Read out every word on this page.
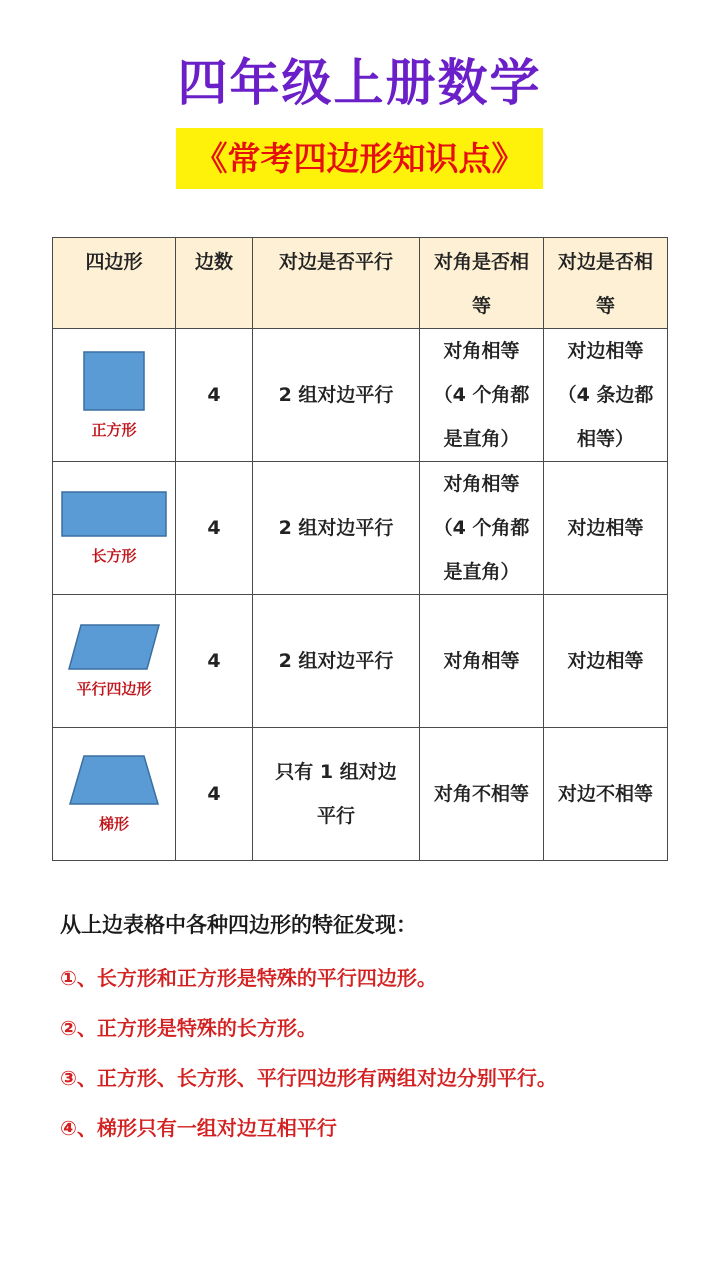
四年级上册数学
《常考四边形知识点》
四边形	边数	对边是否平行	对角是否相等	对边是否相等

正方形	4	2 组对边平行	对角相等（4 个角都是直角）	对边相等（4 条边都相等）

长方形	4	2 组对边平行	对角相等（4 个角都是直角）	对边相等

平行四边形	4	2 组对边平行	对角相等	对边相等

梯形	4	只有 1 组对边平行	对角不相等	对边不相等
从上边表格中各种四边形的特征发现：
①、长方形和正方形是特殊的平行四边形。
②、正方形是特殊的长方形。
③、正方形、长方形、平行四边形有两组对边分别平行。
④、梯形只有一组对边互相平行
